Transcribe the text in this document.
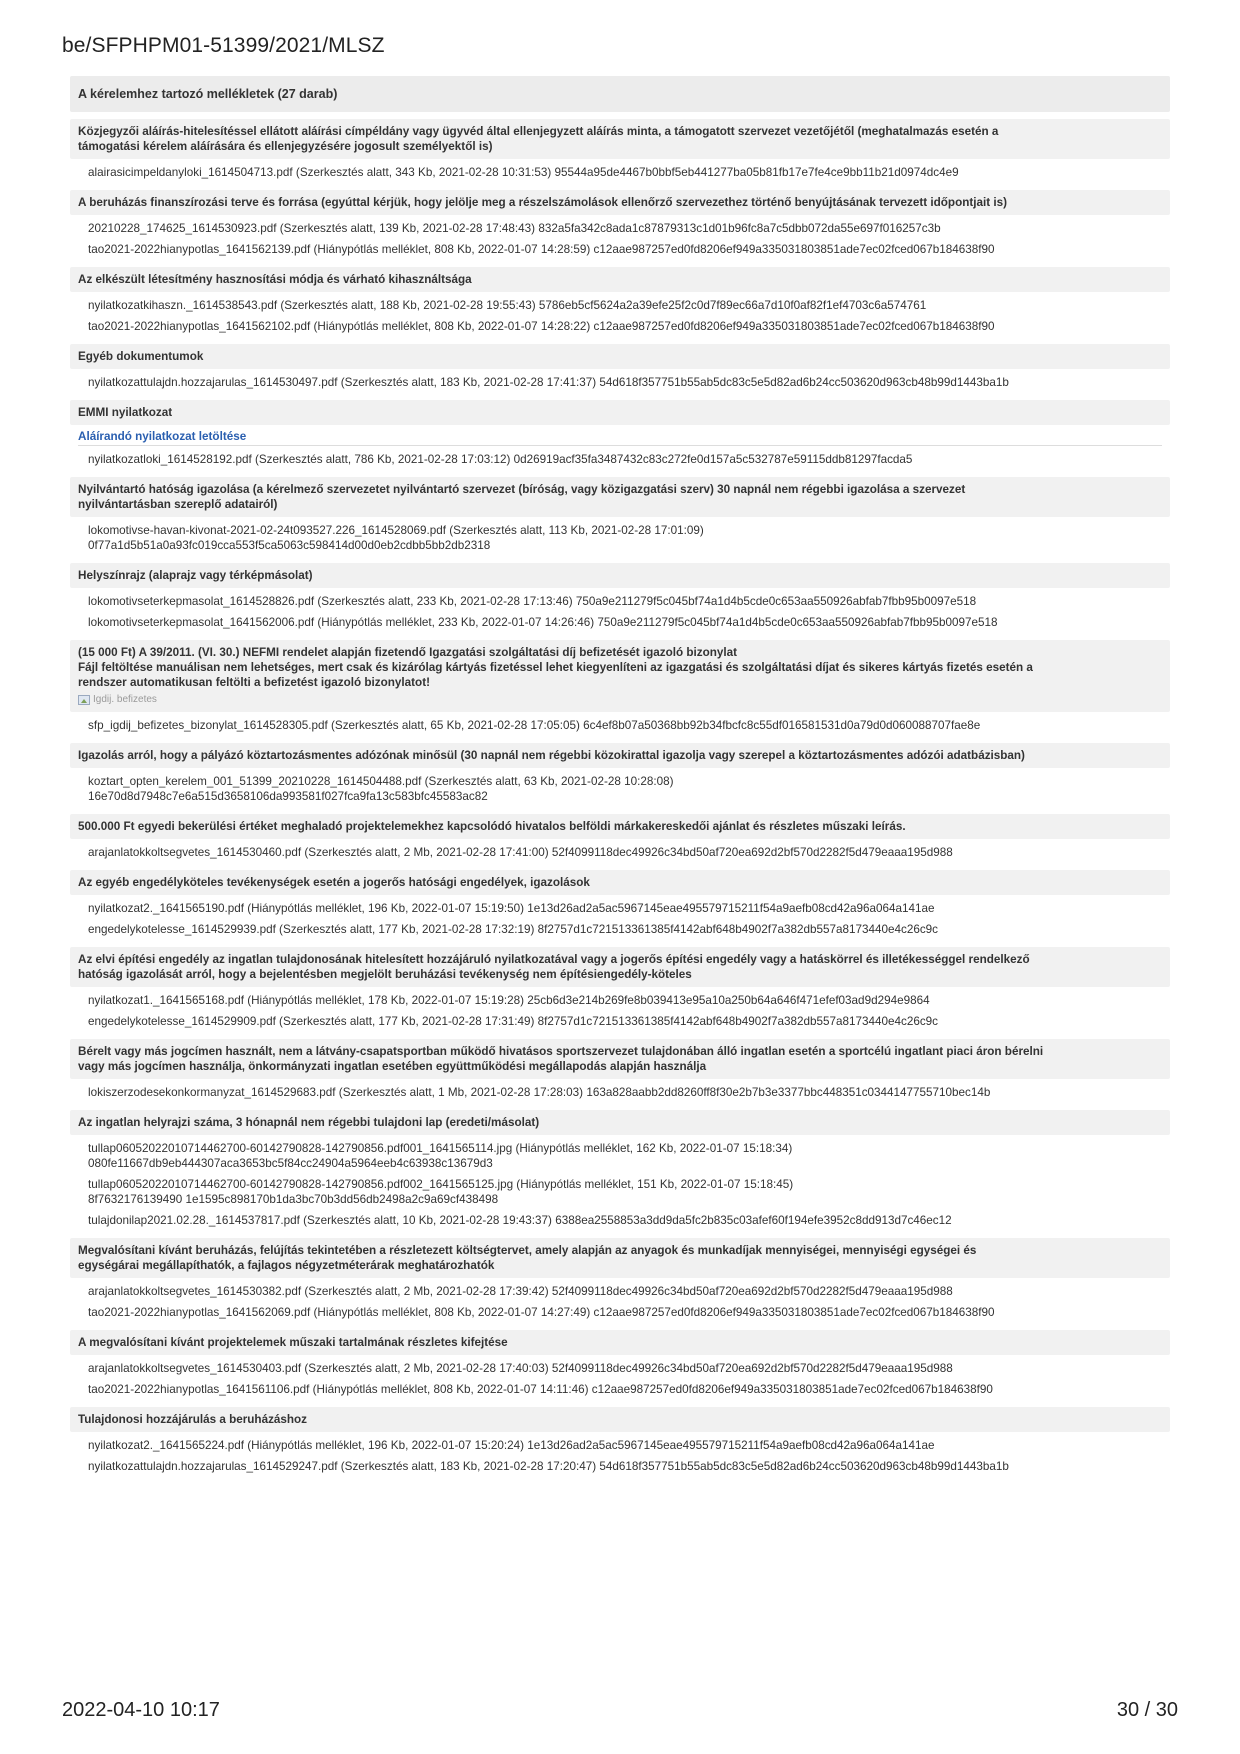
be/SFPHPM01-51399/2021/MLSZ
A kérelemhez tartozó mellékletek (27 darab)
Közjegyzői aláírás-hitelesítéssel ellátott aláírási címpéldány vagy ügyvéd által ellenjegyzett aláírás minta, a támogatott szervezet vezetőjétől (meghatalmazás esetén a
támogatási kérelem aláírására és ellenjegyzésére jogosult személyektől is)
alairasicimpeldanyloki_1614504713.pdf (Szerkesztés alatt, 343 Kb, 2021-02-28 10:31:53) 95544a95de4467b0bbf5eb441277ba05b81fb17e7fe4ce9bb11b21d0974dc4e9
A beruházás finanszírozási terve és forrása (egyúttal kérjük, hogy jelölje meg a részelszámolások ellenőrző szervezethez történő benyújtásának tervezett időpontjait is)
20210228_174625_1614530923.pdf (Szerkesztés alatt, 139 Kb, 2021-02-28 17:48:43) 832a5fa342c8ada1c87879313c1d01b96fc8a7c5dbb072da55e697f016257c3b
tao2021-2022hianypotlas_1641562139.pdf (Hiánypótlás melléklet, 808 Kb, 2022-01-07 14:28:59) c12aae987257ed0fd8206ef949a335031803851ade7ec02fced067b184638f90
Az elkészült létesítmény hasznosítási módja és várható kihasználtsága
nyilatkozatkihaszn._1614538543.pdf (Szerkesztés alatt, 188 Kb, 2021-02-28 19:55:43) 5786eb5cf5624a2a39efe25f2c0d7f89ec66a7d10f0af82f1ef4703c6a574761
tao2021-2022hianypotlas_1641562102.pdf (Hiánypótlás melléklet, 808 Kb, 2022-01-07 14:28:22) c12aae987257ed0fd8206ef949a335031803851ade7ec02fced067b184638f90
Egyéb dokumentumok
nyilatkozattulajdn.hozzajarulas_1614530497.pdf (Szerkesztés alatt, 183 Kb, 2021-02-28 17:41:37) 54d618f357751b55ab5dc83c5e5d82ad6b24cc503620d963cb48b99d1443ba1b
EMMI nyilatkozat
Aláírandó nyilatkozat letöltése
nyilatkozatloki_1614528192.pdf (Szerkesztés alatt, 786 Kb, 2021-02-28 17:03:12) 0d26919acf35fa3487432c83c272fe0d157a5c532787e59115ddb81297facda5
Nyilvántartó hatóság igazolása (a kérelmező szervezetet nyilvántartó szervezet (bíróság, vagy közigazgatási szerv) 30 napnál nem régebbi igazolása a szervezet
nyilvántartásban szereplő adatairól)
lokomotivse-havan-kivonat-2021-02-24t093527.226_1614528069.pdf (Szerkesztés alatt, 113 Kb, 2021-02-28 17:01:09)
0f77a1d5b51a0a93fc019cca553f5ca5063c598414d00d0eb2cdbb5bb2db2318
Helyszínrajz (alaprajz vagy térképmásolat)
lokomotivseterkepmasolat_1614528826.pdf (Szerkesztés alatt, 233 Kb, 2021-02-28 17:13:46) 750a9e211279f5c045bf74a1d4b5cde0c653aa550926abfab7fbb95b0097e518
lokomotivseterkepmasolat_1641562006.pdf (Hiánypótlás melléklet, 233 Kb, 2022-01-07 14:26:46) 750a9e211279f5c045bf74a1d4b5cde0c653aa550926abfab7fbb95b0097e518
(15 000 Ft) A 39/2011. (VI. 30.) NEFMI rendelet alapján fizetendő Igazgatási szolgáltatási díj befizetését igazoló bizonylat
Fájl feltöltése manuálisan nem lehetséges, mert csak és kizárólag kártyás fizetéssel lehet kiegyenlíteni az igazgatási és szolgáltatási díjat és sikeres kártyás fizetés esetén a
rendszer automatikusan feltölti a befizetést igazoló bizonylatot!
Igdij. befizetes
sfp_igdij_befizetes_bizonylat_1614528305.pdf (Szerkesztés alatt, 65 Kb, 2021-02-28 17:05:05) 6c4ef8b07a50368bb92b34fbcfc8c55df016581531d0a79d0d060088707fae8e
Igazolás arról, hogy a pályázó köztartozásmentes adózónak minősül (30 napnál nem régebbi közokirattal igazolja vagy szerepel a köztartozásmentes adózói adatbázisban)
koztart_opten_kerelem_001_51399_20210228_1614504488.pdf (Szerkesztés alatt, 63 Kb, 2021-02-28 10:28:08)
16e70d8d7948c7e6a515d3658106da993581f027fca9fa13c583bfc45583ac82
500.000 Ft egyedi bekerülési értéket meghaladó projektelemekhez kapcsolódó hivatalos belföldi márkakereskedői ajánlat és részletes műszaki leírás.
arajanlatokkoltsegvetes_1614530460.pdf (Szerkesztés alatt, 2 Mb, 2021-02-28 17:41:00) 52f4099118dec49926c34bd50af720ea692d2bf570d2282f5d479eaaa195d988
Az egyéb engedélyköteles tevékenységek esetén a jogerős hatósági engedélyek, igazolások
nyilatkozat2._1641565190.pdf (Hiánypótlás melléklet, 196 Kb, 2022-01-07 15:19:50) 1e13d26ad2a5ac5967145eae495579715211f54a9aefb08cd42a96a064a141ae
engedelykotelesse_1614529939.pdf (Szerkesztés alatt, 177 Kb, 2021-02-28 17:32:19) 8f2757d1c721513361385f4142abf648b4902f7a382db557a8173440e4c26c9c
Az elvi építési engedély az ingatlan tulajdonosának hitelesített hozzájáruló nyilatkozatával vagy a jogerős építési engedély vagy a hatáskörrel és illetékességgel rendelkező
hatóság igazolását arról, hogy a bejelentésben megjelölt beruházási tevékenység nem építésiengedély-köteles
nyilatkozat1._1641565168.pdf (Hiánypótlás melléklet, 178 Kb, 2022-01-07 15:19:28) 25cb6d3e214b269fe8b039413e95a10a250b64a646f471efef03ad9d294e9864
engedelykotelesse_1614529909.pdf (Szerkesztés alatt, 177 Kb, 2021-02-28 17:31:49) 8f2757d1c721513361385f4142abf648b4902f7a382db557a8173440e4c26c9c
Bérelt vagy más jogcímen használt, nem a látvány-csapatsportban működő hivatásos sportszervezet tulajdonában álló ingatlan esetén a sportcélú ingatlant piaci áron bérelni
vagy más jogcímen használja, önkormányzati ingatlan esetében együttműködési megállapodás alapján használja
lokiszerzodesekonkormanyzat_1614529683.pdf (Szerkesztés alatt, 1 Mb, 2021-02-28 17:28:03) 163a828aabb2dd8260ff8f30e2b7b3e3377bbc448351c0344147755710bec14b
Az ingatlan helyrajzi száma, 3 hónapnál nem régebbi tulajdoni lap (eredeti/másolat)
tullap06052022010714462700-60142790828-142790856.pdf001_1641565114.jpg (Hiánypótlás melléklet, 162 Kb, 2022-01-07 15:18:34)
080fe11667db9eb444307aca3653bc5f84cc24904a5964eeb4c63938c13679d3
tullap06052022010714462700-60142790828-142790856.pdf002_1641565125.jpg (Hiánypótlás melléklet, 151 Kb, 2022-01-07 15:18:45)
8f7632176139490 1e1595c898170b1da3bc70b3dd56db2498a2c9a69cf438498
tulajdonilap2021.02.28._1614537817.pdf (Szerkesztés alatt, 10 Kb, 2021-02-28 19:43:37) 6388ea2558853a3dd9da5fc2b835c03afef60f194efe3952c8dd913d7c46ec12
Megvalósítani kívánt beruházás, felújítás tekintetében a részletezett költségtervet, amely alapján az anyagok és munkadíjak mennyiségei, mennyiségi egységei és
egységárai megállapíthatók, a fajlagos négyzetméterárak meghatározhatók
arajanlatokkoltsegvetes_1614530382.pdf (Szerkesztés alatt, 2 Mb, 2021-02-28 17:39:42) 52f4099118dec49926c34bd50af720ea692d2bf570d2282f5d479eaaa195d988
tao2021-2022hianypotlas_1641562069.pdf (Hiánypótlás melléklet, 808 Kb, 2022-01-07 14:27:49) c12aae987257ed0fd8206ef949a335031803851ade7ec02fced067b184638f90
A megvalósítani kívánt projektelemek műszaki tartalmának részletes kifejtése
arajanlatokkoltsegvetes_1614530403.pdf (Szerkesztés alatt, 2 Mb, 2021-02-28 17:40:03) 52f4099118dec49926c34bd50af720ea692d2bf570d2282f5d479eaaa195d988
tao2021-2022hianypotlas_1641561106.pdf (Hiánypótlás melléklet, 808 Kb, 2022-01-07 14:11:46) c12aae987257ed0fd8206ef949a335031803851ade7ec02fced067b184638f90
Tulajdonosi hozzájárulás a beruházáshoz
nyilatkozat2._1641565224.pdf (Hiánypótlás melléklet, 196 Kb, 2022-01-07 15:20:24) 1e13d26ad2a5ac5967145eae495579715211f54a9aefb08cd42a96a064a141ae
nyilatkozattulajdn.hozzajarulas_1614529247.pdf (Szerkesztés alatt, 183 Kb, 2021-02-28 17:20:47) 54d618f357751b55ab5dc83c5e5d82ad6b24cc503620d963cb48b99d1443ba1b
2022-04-10 10:17	30 / 30
